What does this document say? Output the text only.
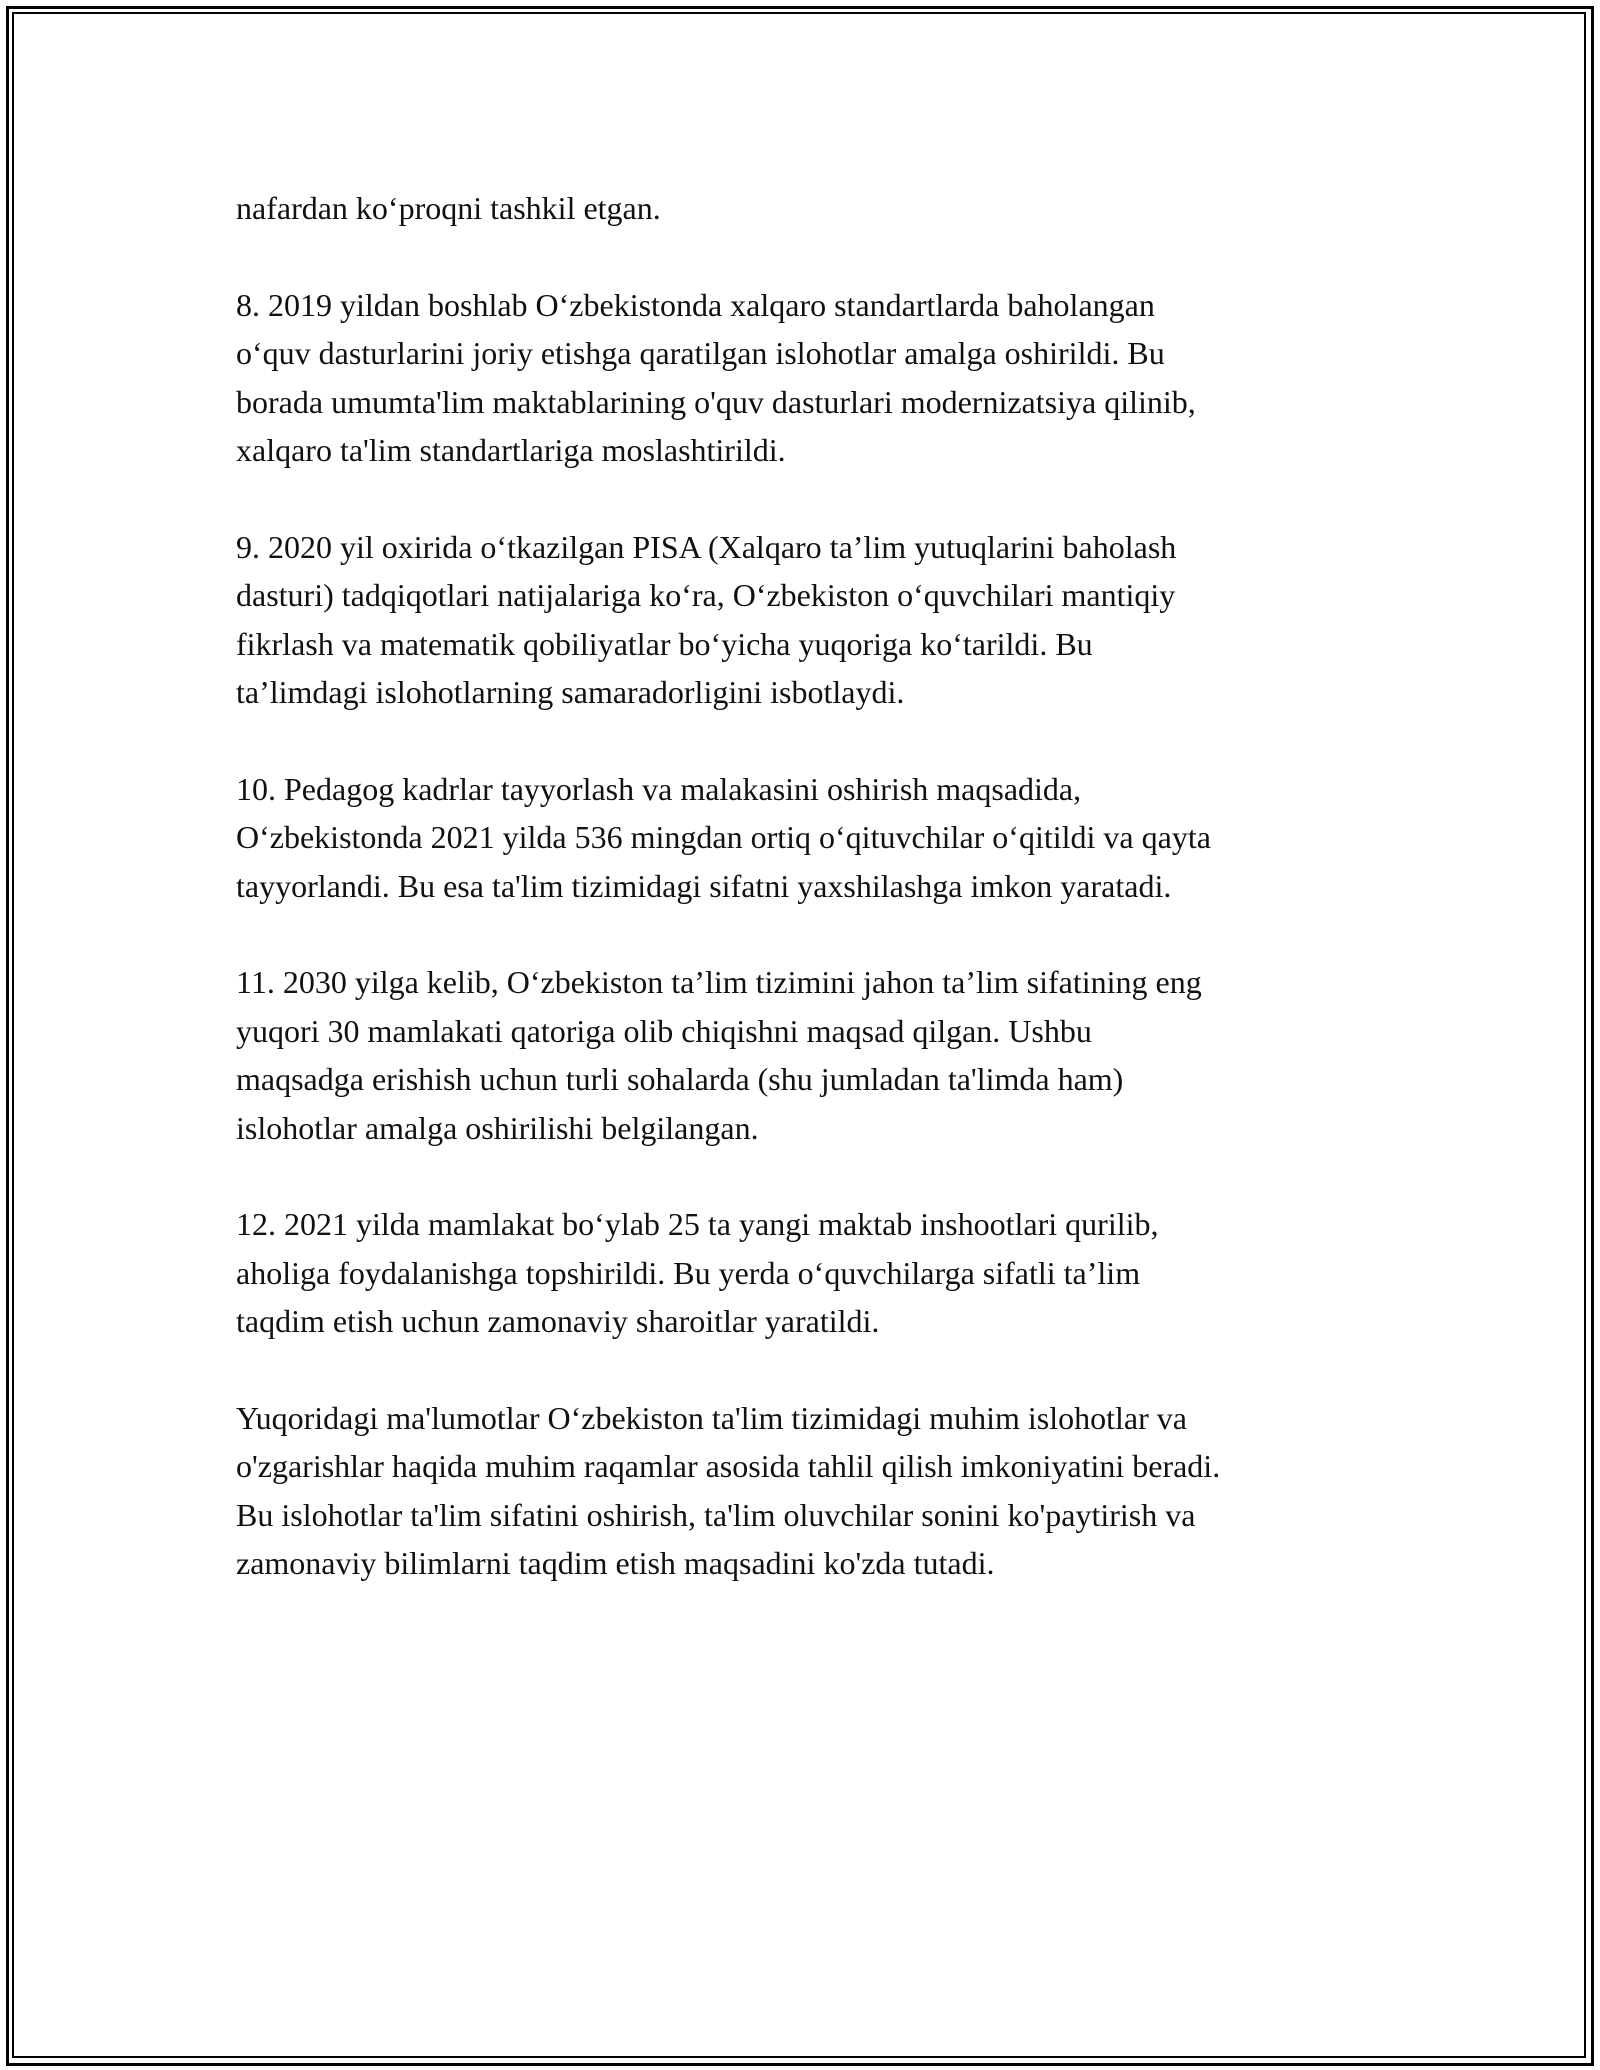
nafardan ko‘proqni tashkil etgan.

8. 2019 yildan boshlab O‘zbekistonda xalqaro standartlarda baholangan
o‘quv dasturlarini joriy etishga qaratilgan islohotlar amalga oshirildi. Bu
borada umumta'lim maktablarining o'quv dasturlari modernizatsiya qilinib,
xalqaro ta'lim standartlariga moslashtirildi.

9. 2020 yil oxirida o‘tkazilgan PISA (Xalqaro ta’lim yutuqlarini baholash
dasturi) tadqiqotlari natijalariga ko‘ra, O‘zbekiston o‘quvchilari mantiqiy
fikrlash va matematik qobiliyatlar bo‘yicha yuqoriga ko‘tarildi. Bu
ta’limdagi islohotlarning samaradorligini isbotlaydi.

10. Pedagog kadrlar tayyorlash va malakasini oshirish maqsadida,
O‘zbekistonda 2021 yilda 536 mingdan ortiq o‘qituvchilar o‘qitildi va qayta
tayyorlandi. Bu esa ta'lim tizimidagi sifatni yaxshilashga imkon yaratadi.

11. 2030 yilga kelib, O‘zbekiston ta’lim tizimini jahon ta’lim sifatining eng
yuqori 30 mamlakati qatoriga olib chiqishni maqsad qilgan. Ushbu
maqsadga erishish uchun turli sohalarda (shu jumladan ta'limda ham)
islohotlar amalga oshirilishi belgilangan.

12. 2021 yilda mamlakat bo‘ylab 25 ta yangi maktab inshootlari qurilib,
aholiga foydalanishga topshirildi. Bu yerda o‘quvchilarga sifatli ta’lim
taqdim etish uchun zamonaviy sharoitlar yaratildi.

Yuqoridagi ma'lumotlar O‘zbekiston ta'lim tizimidagi muhim islohotlar va
o'zgarishlar haqida muhim raqamlar asosida tahlil qilish imkoniyatini beradi.
Bu islohotlar ta'lim sifatini oshirish, ta'lim oluvchilar sonini ko'paytirish va
zamonaviy bilimlarni taqdim etish maqsadini ko'zda tutadi.
